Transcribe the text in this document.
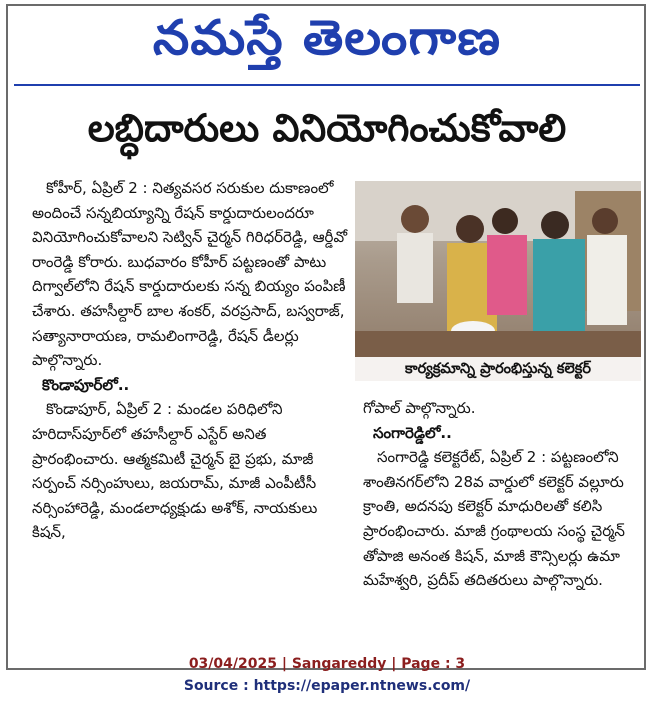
నమస్తే తెలంగాణ
లబ్ధిదారులు వినియోగించుకోవాలి

కోహీర్, ఏప్రిల్ 2 : నిత్యవసర సరుకుల దుకాణంలో అందించే సన్నబియ్యాన్ని రేషన్ కార్డుదారులందరూ వినియోగించుకోవాలని సెట్విన్ చైర్మన్ గిరిధర్‌రెడ్డి, ఆర్డీవో రాంరెడ్డి కోరారు. బుధవారం కోహీర్ పట్టణంతో పాటు దిగ్వాల్‌లోని రేషన్ కార్డుదారులకు సన్న బియ్యం పంపిణీ చేశారు. తహసీల్దార్ బాల శంకర్, వరప్రసాద్, బస్వరాజ్, సత్యానారాయణ, రామలింగారెడ్డి, రేషన్ డీలర్లు పాల్గొన్నారు.

కొండాపూర్‌లో..

కొండాపూర్, ఏప్రిల్ 2 : మండల పరిధిలోని హరిదాస్‌పూర్‌లో తహసీల్దార్ ఎస్టేర్ అనిత ప్రారంభించారు. ఆత్మకమిటీ చైర్మన్ బై ప్రభు, మాజీ సర్పంచ్ నర్సింహులు, జయరామ్, మాజీ ఎంపీటీసీ నర్సింహారెడ్డి, మండలాధ్యక్షుడు అశోక్, నాయకులు కిషన్,

కార్యక్రమాన్ని ప్రారంభిస్తున్న కలెక్టర్

గోపాల్ పాల్గొన్నారు.

సంగారెడ్డిలో..

సంగారెడ్డి కలెక్టరేట్, ఏప్రిల్ 2 : పట్టణంలోని శాంతినగర్‌లోని 28వ వార్డులో కలెక్టర్ వల్లూరు క్రాంతి, అదనపు కలెక్టర్ మాధురిలతో కలిసి ప్రారంభించారు. మాజీ గ్రంథాలయ సంస్థ చైర్మన్ తోపాజి అనంత కిషన్, మాజీ కౌన్సిలర్లు ఉమా మహేశ్వరి, ప్రదీప్ తదితరులు పాల్గొన్నారు.

03/04/2025 | Sangareddy | Page : 3
Source : https://epaper.ntnews.com/
